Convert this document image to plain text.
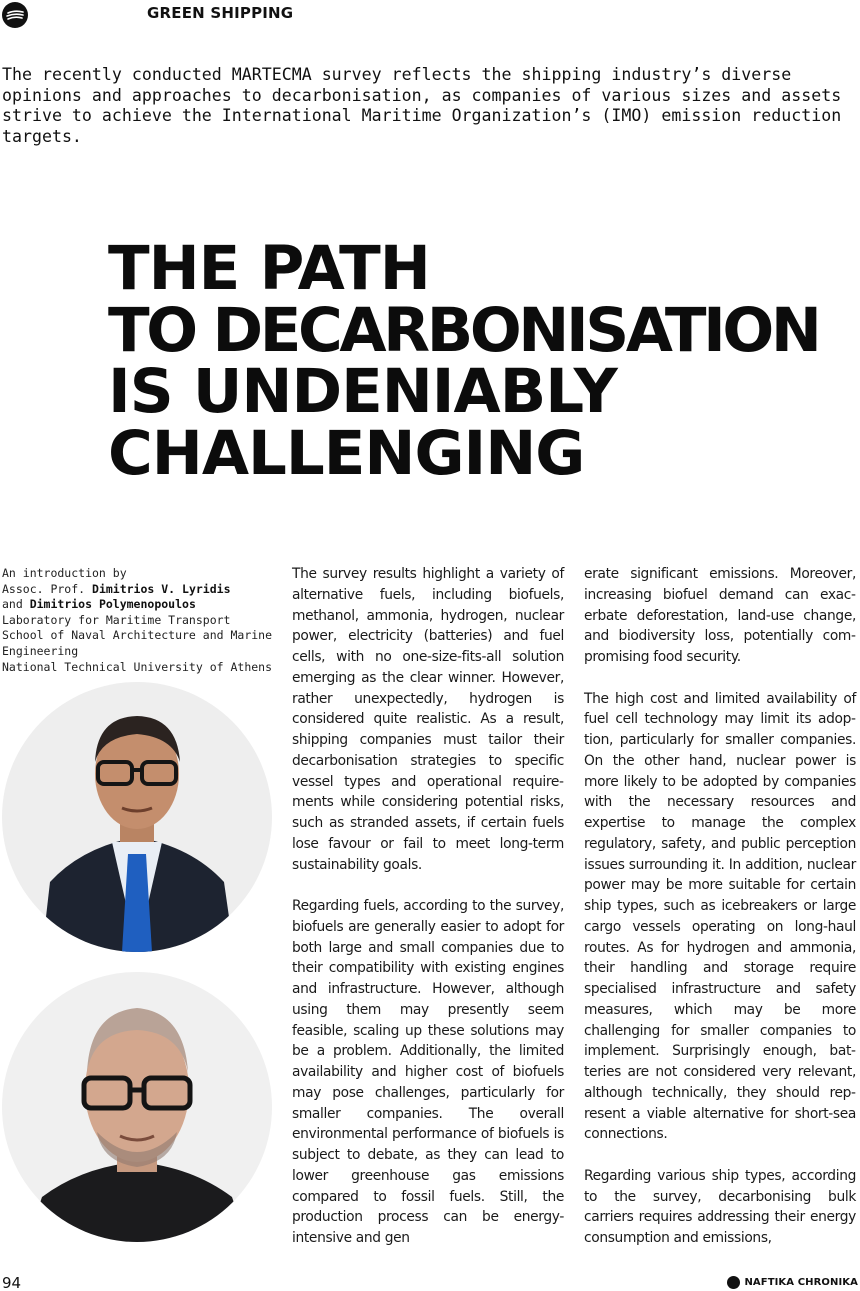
GREEN SHIPPING

The recently conducted MARTECMA survey reflects the shipping industry’s diverse opinions and approaches to decarbonisation, as companies of various sizes and assets strive to achieve the International Maritime Organization’s (IMO) emission reduction targets.

THE PATH
TO DECARBONISATION
IS UNDENIABLY
CHALLENGING
An introduction by
Assoc. Prof. Dimitrios V. Lyridis
and Dimitrios Polymenopoulos
Laboratory for Maritime Transport
School of Naval Architecture and Marine
Engineering
National Technical University of Athens

The survey results highlight a variety of alternative fuels, including biofuels, methanol, ammonia, hydrogen, nuclear power, electricity (batteries) and fuel cells, with no one-size-fits-all solution emerging as the clear winner. However, rather unexpectedly, hydrogen is considered quite realistic. As a result, shipping companies must tailor their decarbonisation strategies to specific vessel types and operational requirements while considering potential risks, such as stranded assets, if certain fuels lose favour or fail to meet long-term sustainability goals.

Regarding fuels, according to the survey, biofuels are generally easier to adopt for both large and small companies due to their compatibility with existing engines and infrastructure. However, although using them may presently seem feasible, scaling up these solutions may be a problem. Additionally, the limited availability and higher cost of biofuels may pose challenges, particularly for smaller companies. The overall environmental performance of biofuels is subject to debate, as they can lead to lower greenhouse gas emissions compared to fossil fuels. Still, the production process can be energy-intensive and gen

erate significant emissions. Moreover, increasing biofuel demand can exacerbate deforestation, land-use change, and biodiversity loss, potentially compromising food security.

The high cost and limited availability of fuel cell technology may limit its adoption, particularly for smaller companies. On the other hand, nuclear power is more likely to be adopted by companies with the necessary resources and expertise to manage the complex regulatory, safety, and public perception issues surrounding it. In addition, nuclear power may be more suitable for certain ship types, such as icebreakers or large cargo vessels operating on long-haul routes. As for hydrogen and ammonia, their handling and storage require specialised infrastructure and safety measures, which may be more challenging for smaller companies to implement. Surprisingly enough, batteries are not considered very relevant, although technically, they should represent a viable alternative for short-sea connections.

Regarding various ship types, according to the survey, decarbonising bulk carriers requires addressing their energy consumption and emissions,

94	NAFTIKA CHRONIKA
